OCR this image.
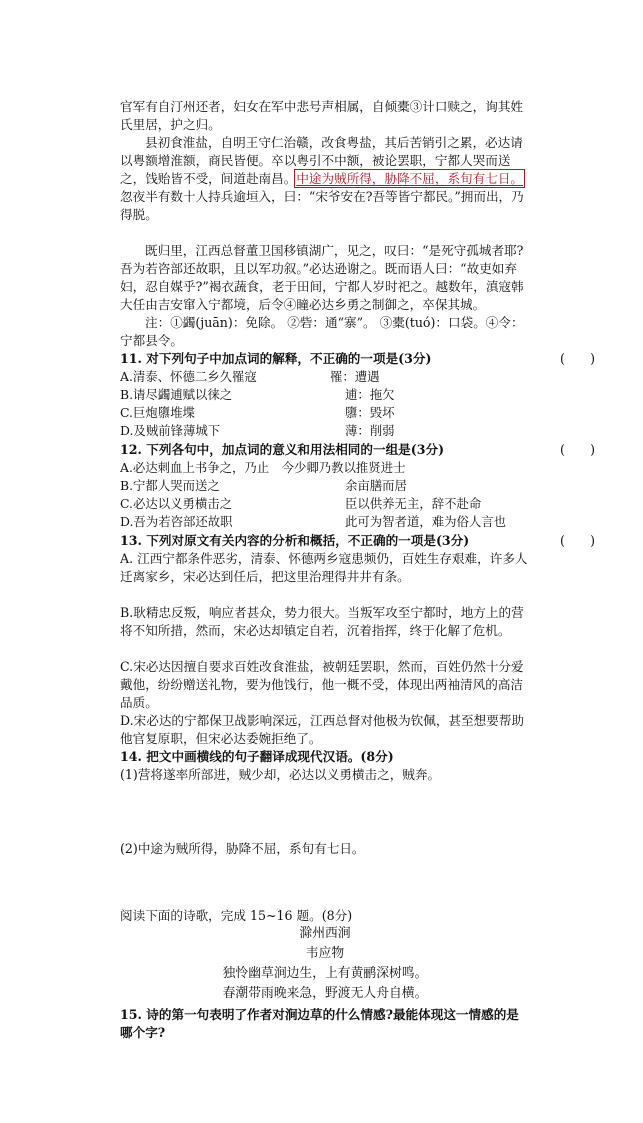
官军有自汀州还者，妇女在军中悲号声相属，自倾橐③计口赎之，询其姓氏里居，护之归。

县初食淮盐，自明王守仁治赣，改食粤盐，其后苦销引之累，必达请以粤额增淮额，商民皆便。卒以粤引不中额，被论罢职，宁都人哭而送之，饯贻皆不受，间道赴南昌。中途为贼所得，胁降不屈，系旬有七日。忽夜半有数十人持兵逾垣入，曰：“宋爷安在?吾等皆宁都民。”拥而出，乃得脱。

既归里，江西总督董卫国移镇湖广，见之，叹曰：“是死守孤城者耶?吾为若咨部还故职，且以军功叙。”必达逊谢之。既而语人曰：“故吏如弃妇，忍自媒乎?”褐衣蔬食，老于田间，宁都人岁时祀之。越数年，滇寇韩大任由吉安窜入宁都境，后令④瞳必达乡勇之制御之，卒保其城。

注：①蠲(juān)：免除。 ②砦：通“寨”。 ③橐(tuó)：口袋。④令：宁都县令。

11. 对下列句子中加点词的解释，不正确的一项是(3分)	(　　)

A.清泰、怀德二乡久罹寇	罹：遭遇

B.请尽蠲逋赋以徕之	逋：拖欠

C.巨炮隳堆堞	隳：毁坏

D.及贼前锋薄城下	薄：削弱

12. 下列各句中，加点词的意义和用法相同的一组是(3分)	(　　)

A.必达刺血上书争之，乃止　今少卿乃教以推贤进士

B.宁都人哭而送之	余亩膳而居

C.必达以义勇横击之	臣以供养无主，辞不赴命

D.吾为若咨部还故职	此可为智者道，难为俗人言也

13. 下列对原文有关内容的分析和概括，不正确的一项是(3分)	(　　)

A. 江西宁都条件恶劣，清泰、怀德两乡寇患频仍，百姓生存艰难，许多人迁离家乡，宋必达到任后，把这里治理得井井有条。

B.耿精忠反叛，响应者甚众，势力很大。当叛军攻至宁都时，地方上的营将不知所措，然而，宋必达却镇定自若，沉着指挥，终于化解了危机。

C.宋必达因擅自要求百姓改食淮盐，被朝廷罢职，然而，百姓仍然十分爱戴他，纷纷赠送礼物，要为他饯行，他一概不受，体现出两袖清风的高洁品质。

D.宋必达的宁都保卫战影响深远，江西总督对他极为钦佩，甚至想要帮助他官复原职，但宋必达委婉拒绝了。

14. 把文中画横线的句子翻译成现代汉语。(8分)

(1)营将遂率所部进，贼少却，必达以义勇横击之，贼奔。

(2)中途为贼所得，胁降不屈，系旬有七日。

阅读下面的诗歌，完成 15~16 题。(8分)

滁州西涧

韦应物

独怜幽草涧边生，上有黄鹂深树鸣。

春潮带雨晚来急，野渡无人舟自横。

15. 诗的第一句表明了作者对涧边草的什么情感?最能体现这一情感的是哪个字?
